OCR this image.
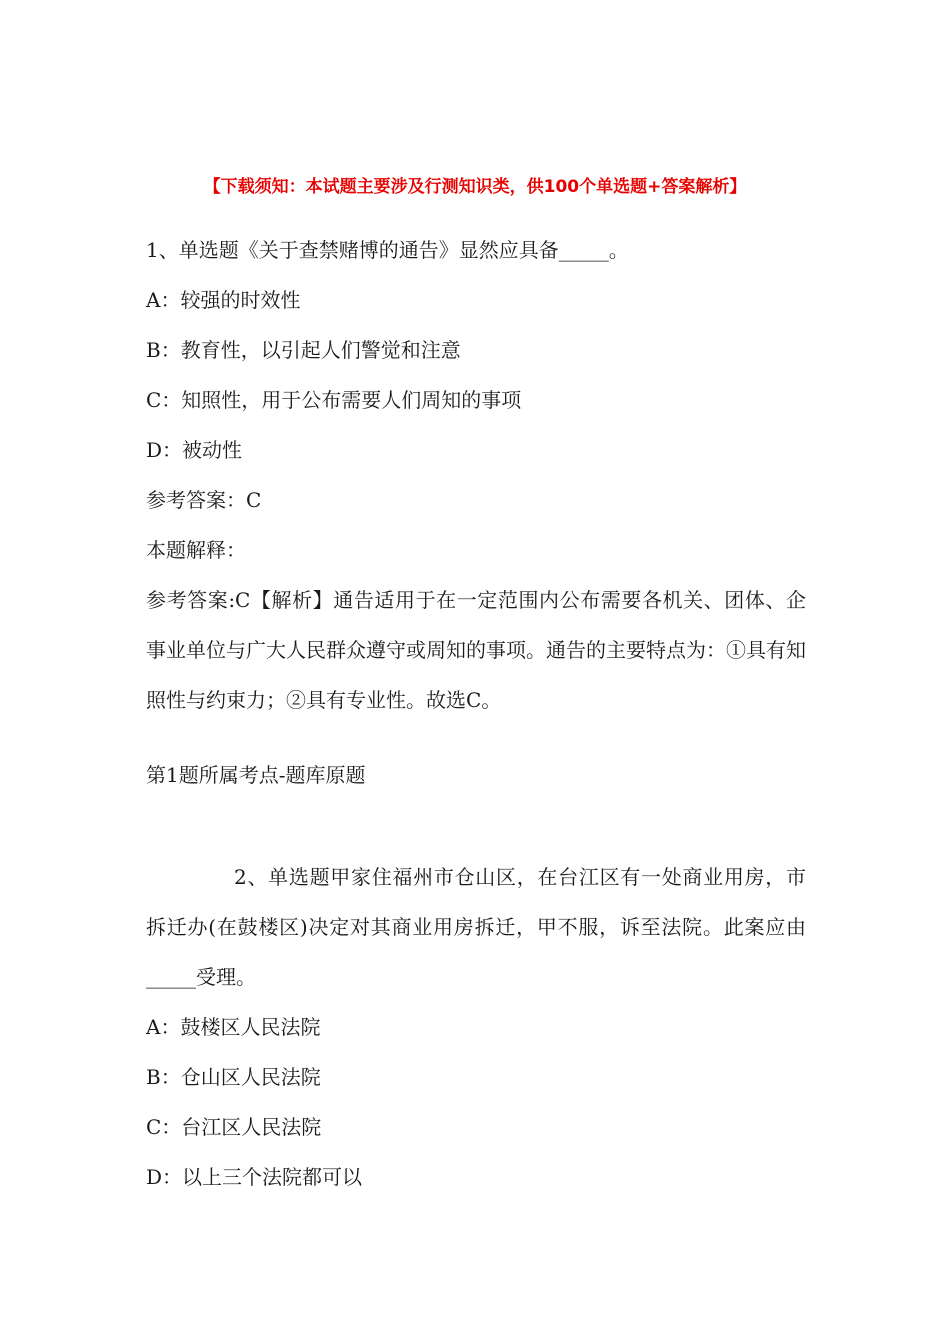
【下载须知：本试题主要涉及行测知识类，供100个单选题+答案解析】
1、单选题《关于查禁赌博的通告》显然应具备_____。
A：较强的时效性
B：教育性，以引起人们警觉和注意
C：知照性，用于公布需要人们周知的事项
D：被动性
参考答案：C
本题解释：
参考答案:C【解析】通告适用于在一定范围内公布需要各机关、团体、企事业单位与广大人民群众遵守或周知的事项。通告的主要特点为：①具有知照性与约束力；②具有专业性。故选C。
第1题所属考点-题库原题
2、单选题甲家住福州市仓山区，在台江区有一处商业用房，市拆迁办(在鼓楼区)决定对其商业用房拆迁，甲不服，诉至法院。此案应由_____受理。
A：鼓楼区人民法院
B：仓山区人民法院
C：台江区人民法院
D：以上三个法院都可以
